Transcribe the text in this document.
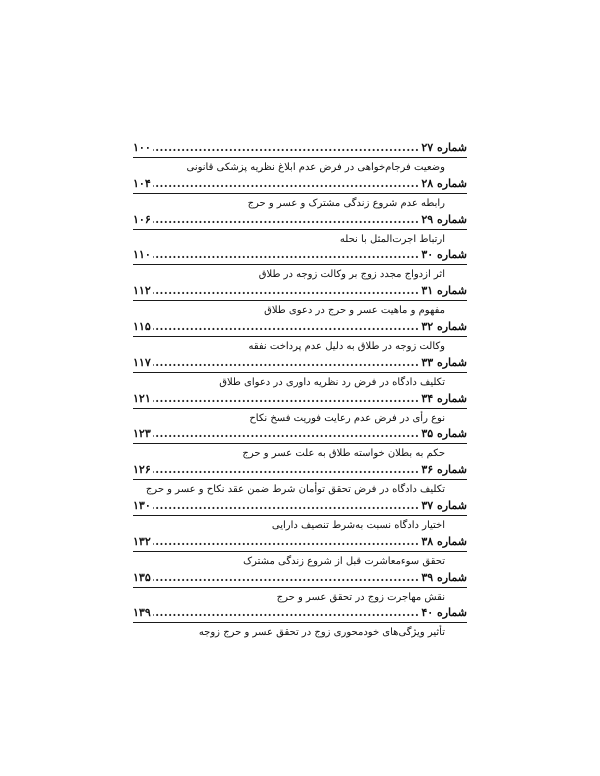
شماره ۲۷
.....
۱۰۰
وضعیت فرجام‌خواهی در فرض عدم ابلاغ نظریه پزشکی قانونی
شماره ۲۸
.....
۱۰۴
رابطه عدم شروع زندگی مشترک و عسر و حرج
شماره ۲۹
.....
۱۰۶
ارتباط اجرت‌المثل با نحله
شماره ۳۰
.....
۱۱۰
اثر ازدواج مجدد زوج بر وکالت زوجه در طلاق
شماره ۳۱
.....
۱۱۲
مفهوم و ماهیت عسر و حرج در دعوی طلاق
شماره ۳۲
.....
۱۱۵
وکالت زوجه در طلاق به دلیل عدم پرداخت نفقه
شماره ۳۳
.....
۱۱۷
تکلیف دادگاه در فرض رد نظریه داوری در دعوای طلاق
شماره ۳۴
.....
۱۲۱
نوع رأی در فرض عدم رعایت فوریت فسخ نکاح
شماره ۳۵
.....
۱۲۳
حکم به بطلان خواسته طلاق به علت عسر و حرج
شماره ۳۶
.....
۱۲۶
تکلیف دادگاه در فرض تحقق توأمان شرط ضمن عقد نکاح و عسر و حرج
شماره ۳۷
.....
۱۳۰
اختیار دادگاه نسبت به‌شرط تنصیف دارایی
شماره ۳۸
.....
۱۳۲
تحقق سوءمعاشرت قبل از شروع زندگی مشترک
شماره ۳۹
.....
۱۳۵
نقش مهاجرت زوج در تحقق عسر و حرج
شماره ۴۰
.....
۱۳۹
تأثیر ویژگی‌های خودمحوری زوج در تحقق عسر و حرج زوجه
